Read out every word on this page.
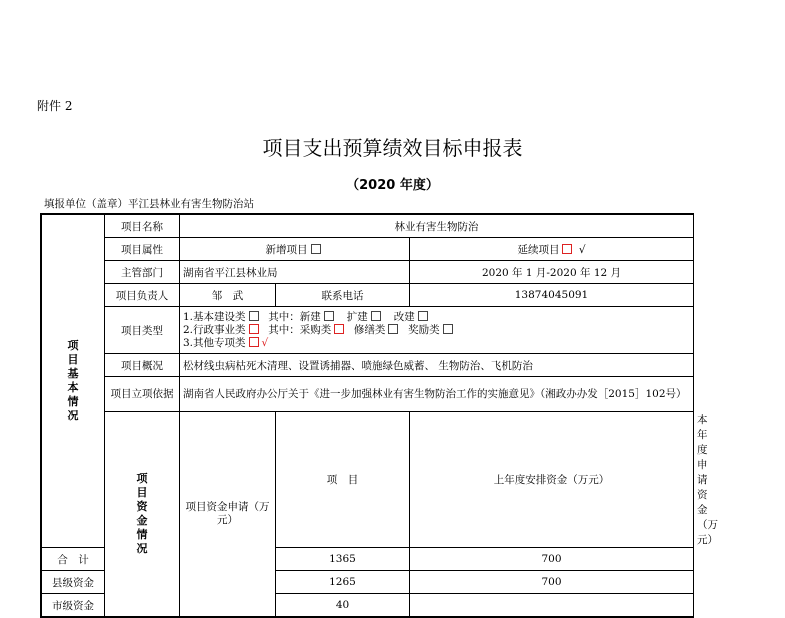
附件 2
项目支出预算绩效目标申报表
（2020 年度）
填报单位（盖章）平江县林业有害生物防治站
项目基本情况	项目名称	林业有害生物防治			
	项目属性	新增项目		延续项目 √	
	主管部门	湖南省平江县林业局		2020 年 1 月-2020 年 12 月	
	项目负责人	邹　武	联系电话	13874045091	
	项目类型	1.基本建设类 其中：新建 扩建 改建
2.行政事业类 其中：采购类 修缮类 奖励类
3.其他专项类 √			

	项目概况	松材线虫病枯死木清理、设置诱捕器、喷施绿色威蓄、 生物防治、飞机防治			
	项目立项依据	湖南省人民政府办公厅关于《进一步加强林业有害生物防治工作的实施意见》（湘政办办发［2015］102号）			

	项目资金情况	项目资金申请（万元）	项　目	上年度安排资金（万元）	本年度申请资金（万元）
合　计			1365	700	
县级资金			1265	700	
市级资金			40		
